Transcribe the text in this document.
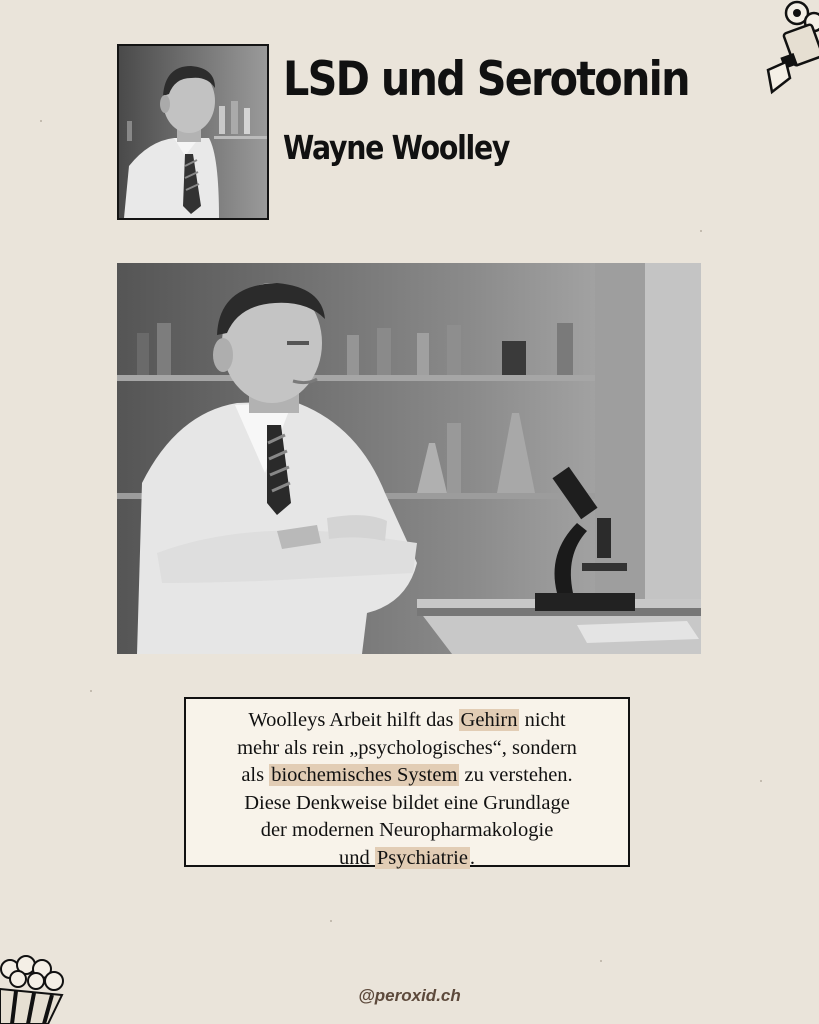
LSD und Serotonin
Wayne Woolley
Woolleys Arbeit hilft das Gehirn nicht
mehr als rein „psychologisches“, sondern
als biochemisches System zu verstehen.
Diese Denkweise bildet eine Grundlage
der modernen Neuropharmakologie
und Psychiatrie.
@peroxid.ch
